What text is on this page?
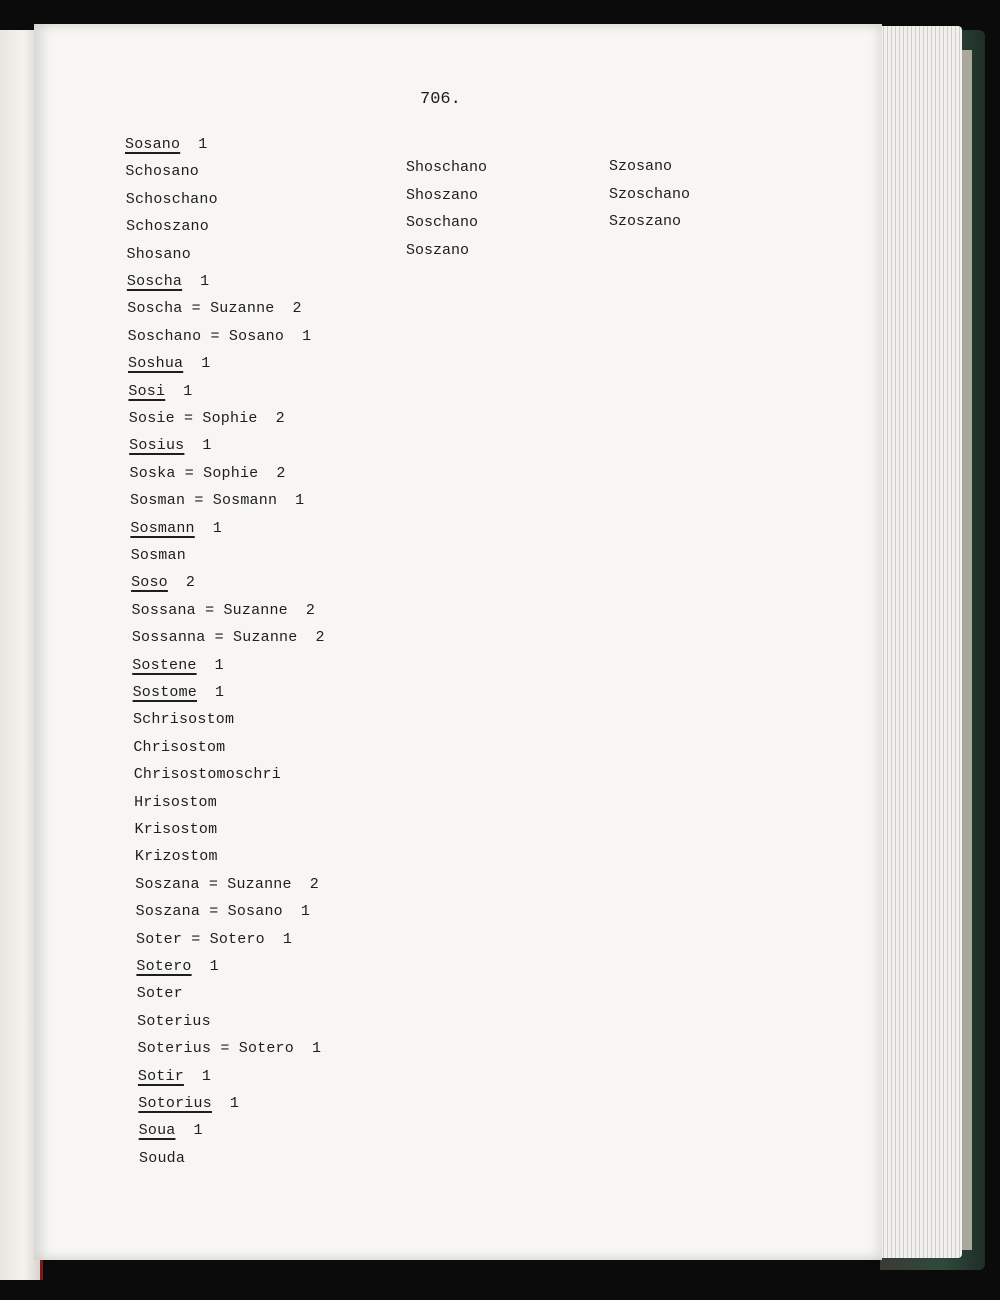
706.
Sosano 1
Schosano
Schoschano
Schoszano
Shosano
Soscha 1
Soscha = Suzanne 2
Soschano = Sosano 1
Soshua 1
Sosi 1
Sosie = Sophie 2
Sosius 1
Soska = Sophie 2
Sosman = Sosmann 1
Sosmann 1
Sosman
Soso 2
Sossana = Suzanne 2
Sossanna = Suzanne 2
Sostene 1
Sostome 1
Schrisostom
Chrisostom
Chrisostomoschri
Hrisostom
Krisostom
Krizostom
Soszana = Suzanne 2
Soszana = Sosano 1
Soter = Sotero 1
Sotero 1
Soter
Soterius
Soterius = Sotero 1
Sotir 1
Sotorius 1
Soua 1
Souda
Shoschano
Shoszano
Soschano
Soszano
Szosano
Szoschano
Szoszano
